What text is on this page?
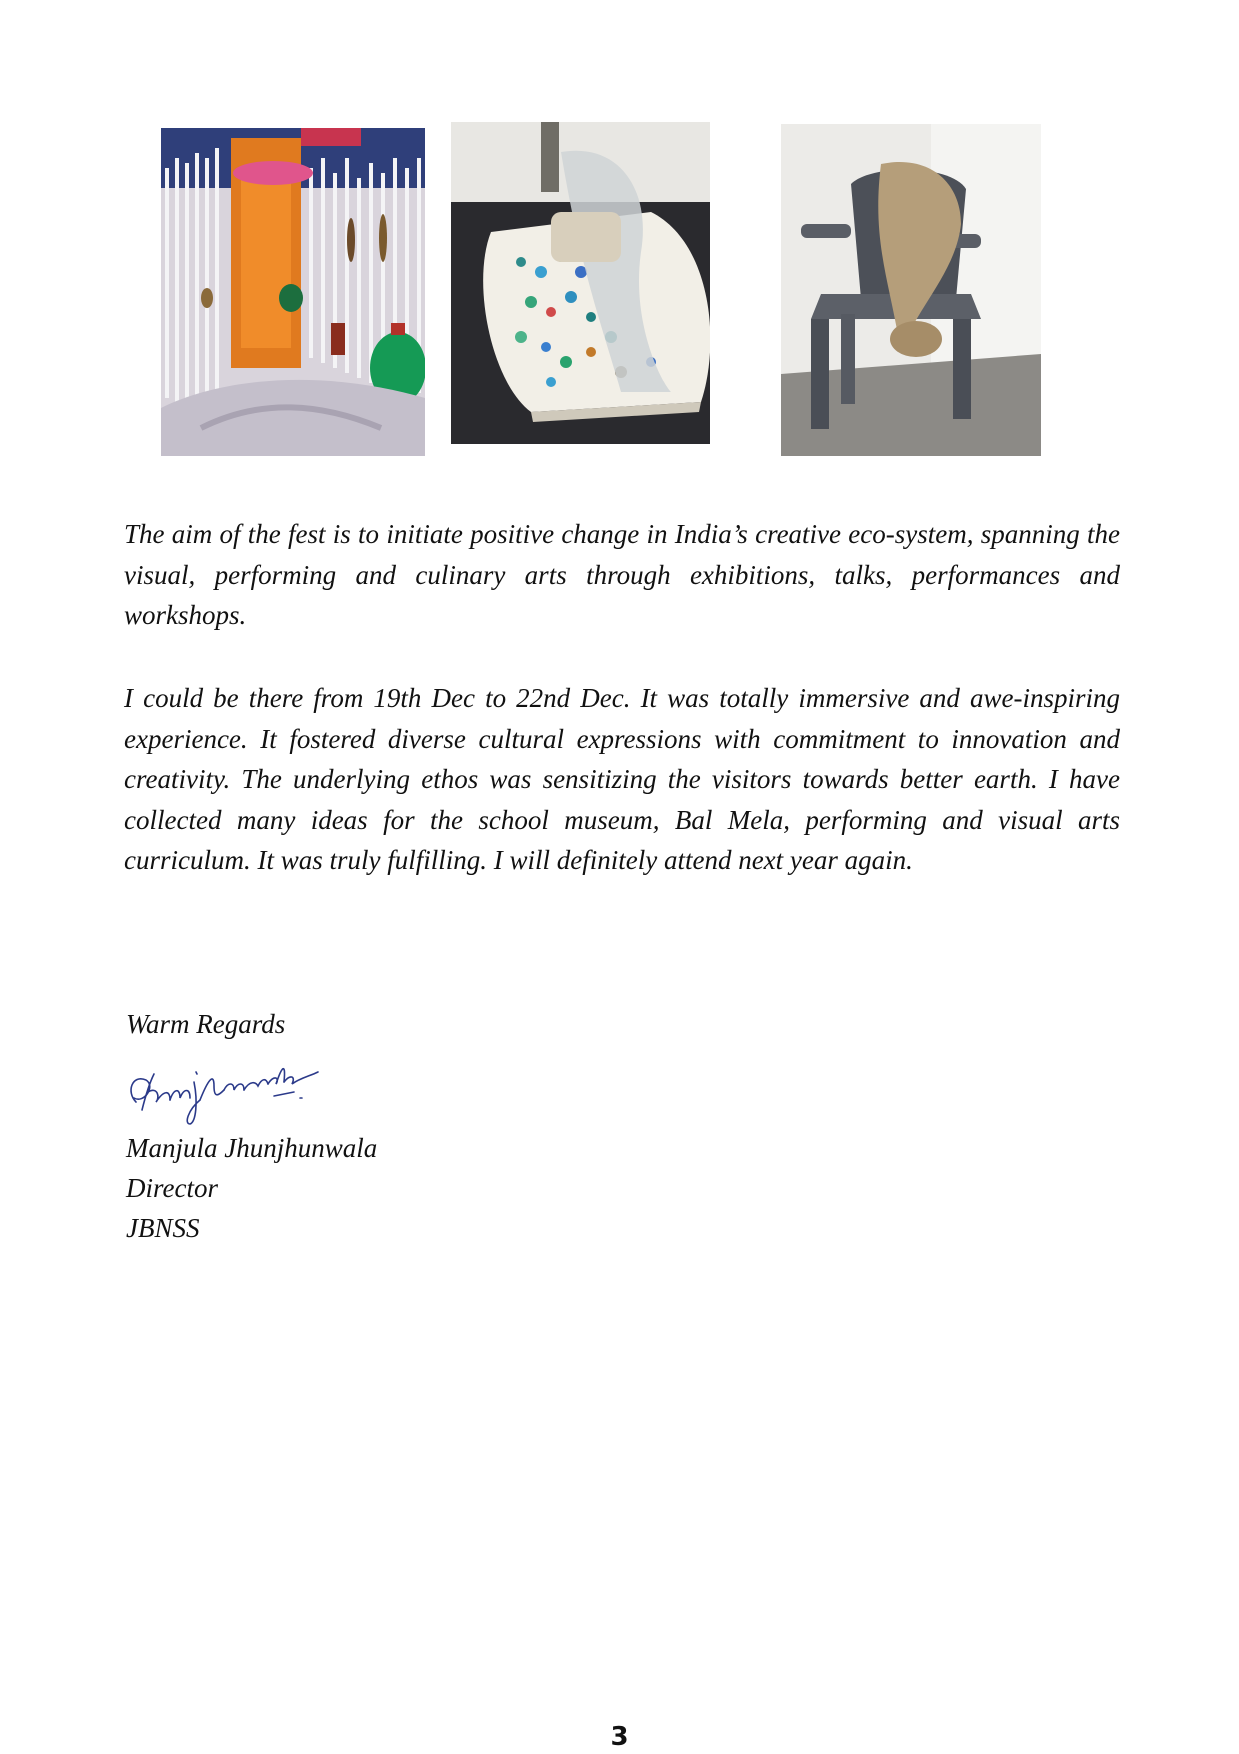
The aim of the fest is to initiate positive change in India’s creative eco-system, spanning the visual, performing and culinary arts through exhibitions, talks, performances and workshops.

I could be there from 19th Dec to 22nd Dec. It was totally immersive and awe-inspiring experience. It fostered diverse cultural expressions with commitment to innovation and creativity. The underlying ethos was sensitizing the visitors towards better earth. I have collected many ideas for the school museum, Bal Mela, performing and visual arts curriculum. It was truly fulfilling. I will definitely attend next year again.

Warm Regards

Manjula Jhunjhunwala

Director

JBNSS

3
